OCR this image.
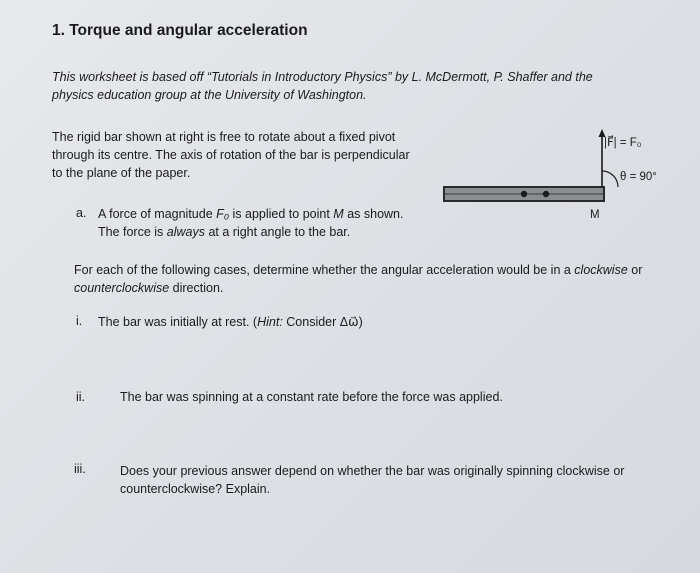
1. Torque and angular acceleration

This worksheet is based off “Tutorials in Introductory Physics” by L. McDermott, P. Shaffer and the physics education group at the University of Washington.

The rigid bar shown at right is free to rotate about a fixed pivot through its centre. The axis of rotation of the bar is perpendicular to the plane of the paper.

a. A force of magnitude F₀ is applied to point M as shown. The force is always at a right angle to the bar.

For each of the following cases, determine whether the angular acceleration would be in a clockwise or counterclockwise direction.

i. The bar was initially at rest. (Hint: Consider Δω⃗)

ii.	The bar was spinning at a constant rate before the force was applied.

iii.	Does your previous answer depend on whether the bar was originally spinning clockwise or counterclockwise? Explain.

|F⃗| = F₀
θ = 90°
M
